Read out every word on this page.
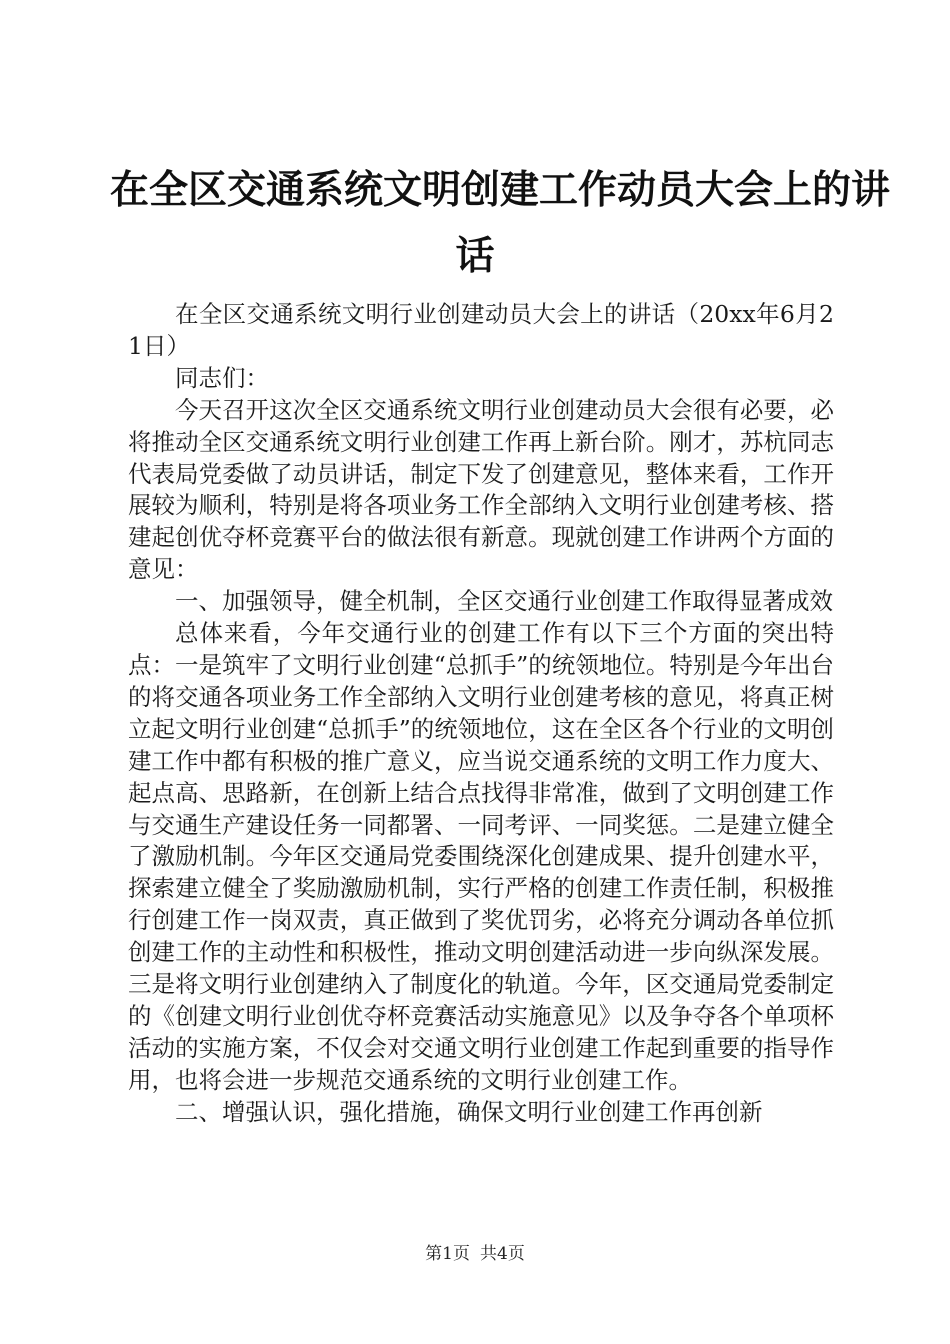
在全区交通系统文明创建工作动员大会上的讲
话

在全区交通系统文明行业创建动员大会上的讲话（20xx年6月21日）

同志们：

今天召开这次全区交通系统文明行业创建动员大会很有必要，必将推动全区交通系统文明行业创建工作再上新台阶。刚才，苏杭同志代表局党委做了动员讲话，制定下发了创建意见，整体来看，工作开展较为顺利，特别是将各项业务工作全部纳入文明行业创建考核、搭建起创优夺杯竞赛平台的做法很有新意。现就创建工作讲两个方面的意见：

一、加强领导，健全机制，全区交通行业创建工作取得显著成效

总体来看，今年交通行业的创建工作有以下三个方面的突出特点：一是筑牢了文明行业创建“总抓手”的统领地位。特别是今年出台的将交通各项业务工作全部纳入文明行业创建考核的意见，将真正树立起文明行业创建“总抓手”的统领地位，这在全区各个行业的文明创建工作中都有积极的推广意义，应当说交通系统的文明工作力度大、起点高、思路新，在创新上结合点找得非常准，做到了文明创建工作与交通生产建设任务一同都署、一同考评、一同奖惩。二是建立健全了激励机制。今年区交通局党委围绕深化创建成果、提升创建水平，探索建立健全了奖励激励机制，实行严格的创建工作责任制，积极推行创建工作一岗双责，真正做到了奖优罚劣，必将充分调动各单位抓创建工作的主动性和积极性，推动文明创建活动进一步向纵深发展。三是将文明行业创建纳入了制度化的轨道。今年，区交通局党委制定的《创建文明行业创优夺杯竞赛活动实施意见》以及争夺各个单项杯活动的实施方案，不仅会对交通文明行业创建工作起到重要的指导作用，也将会进一步规范交通系统的文明行业创建工作。

二、增强认识，强化措施，确保文明行业创建工作再创新

第1页 共4页
